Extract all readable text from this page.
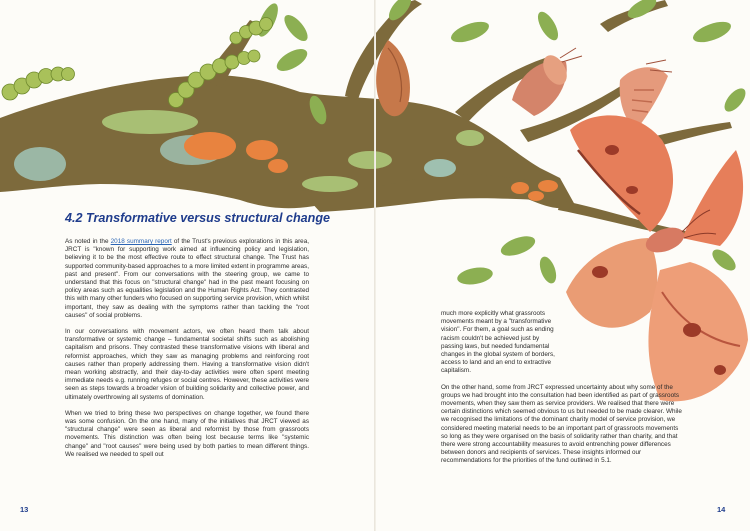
4.2 Transformative versus structural change

As noted in the 2018 summary report of the Trust's previous explorations in this area, JRCT is "known for supporting work aimed at influencing policy and legislation, believing it to be the most effective route to effect structural change. The Trust has supported community-based approaches to a more limited extent in programme areas, past and present". From our conversations with the steering group, we came to understand that this focus on "structural change" had in the past meant focusing on policy areas such as equalities legislation and the Human Rights Act. They contrasted this with many other funders who focused on supporting service provision, which whilst important, they saw as dealing with the symptoms rather than tackling the "root causes" of social problems.

In our conversations with movement actors, we often heard them talk about transformative or systemic change – fundamental societal shifts such as abolishing capitalism and prisons. They contrasted these transformative visions with liberal and reformist approaches, which they saw as managing problems and reinforcing root causes rather than properly addressing them. Having a transformative vision didn't mean working abstractly, and their day-to-day activities were often spent meeting immediate needs e.g. running refuges or social centres. However, these activities were seen as steps towards a broader vision of building solidarity and collective power, and ultimately overthrowing all systems of domination.

When we tried to bring these two perspectives on change together, we found there was some confusion. On the one hand, many of the initiatives that JRCT viewed as "structural change" were seen as liberal and reformist by those from grassroots movements. This distinction was often being lost because terms like "systemic change" and "root causes" were being used by both parties to mean different things. We realised we needed to spell out

much more explicitly what grassroots movements meant by a "transformative vision". For them, a goal such as ending racism couldn't be achieved just by passing laws, but needed fundamental changes in the global system of borders, access to land and an end to extractive capitalism.

On the other hand, some from JRCT expressed uncertainty about why some of the groups we had brought into the consultation had been identified as part of grassroots movements, when they saw them as service providers. We realised that there were certain distinctions which seemed obvious to us but needed to be made clearer. While we recognised the limitations of the dominant charity model of service provision, we considered meeting material needs to be an important part of grassroots movements so long as they were organised on the basis of solidarity rather than charity, and that there were strong accountability measures to avoid entrenching power differences between donors and recipients of services. These insights informed our recommendations for the priorities of the fund outlined in 5.1.

13	14
